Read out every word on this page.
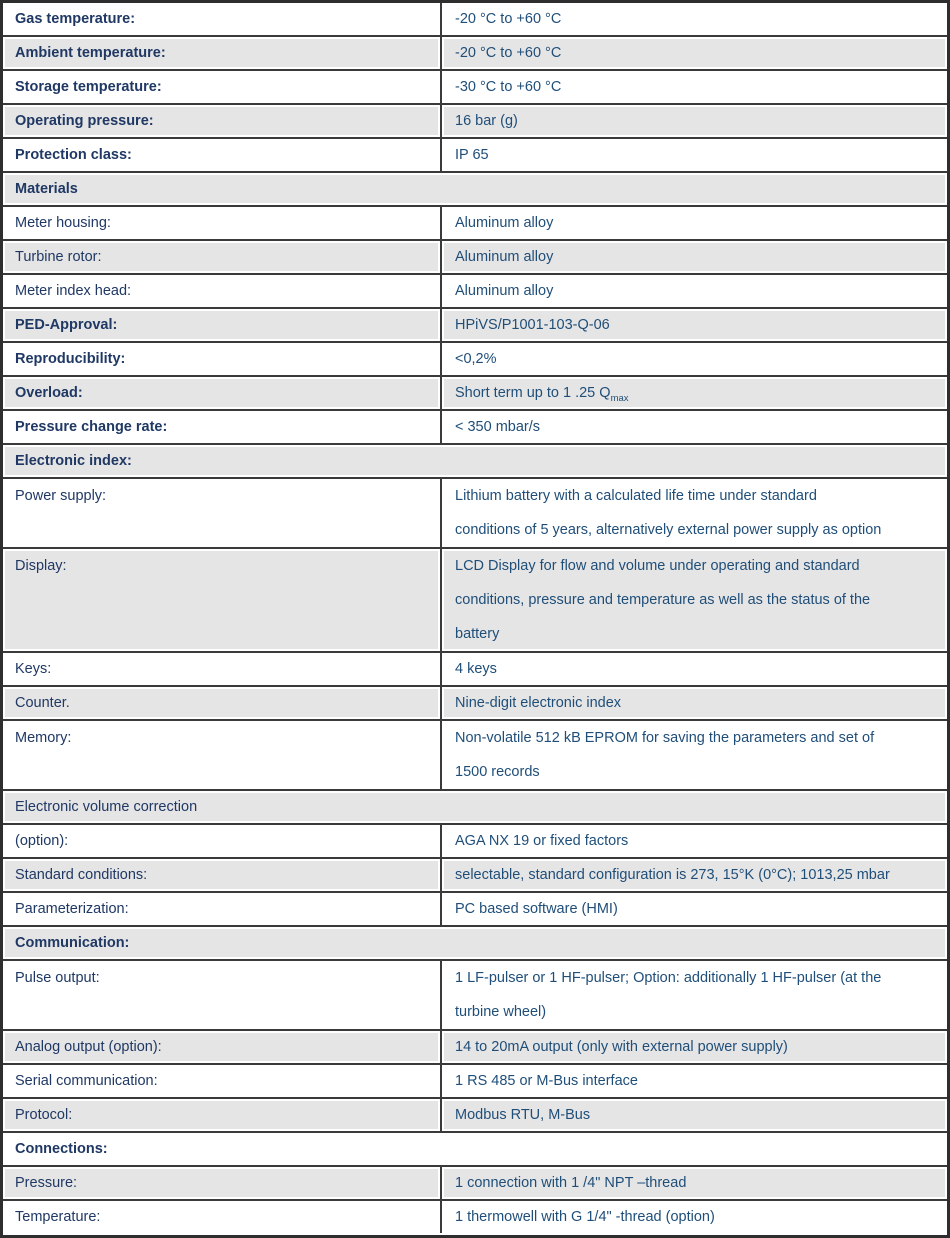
Gas temperature:	-20 °C to +60 °C
Ambient temperature:	-20 °C to +60 °C
Storage temperature:	-30 °C to +60 °C
Operating pressure:	16 bar (g)
Protection class:	IP 65
Materials
Meter housing:	Aluminum alloy
Turbine rotor:	Aluminum alloy
Meter index head:	Aluminum alloy
PED-Approval:	HPiVS/P1001-103-Q-06
Reproducibility:	<0,2%
Overload:	Short term up to 1 .25 $Q_{max}$
Pressure change rate:	< 350 mbar/s
Electronic index:
Power supply:	Lithium battery with a calculated life time under standard
conditions of 5 years, alternatively external power supply as option
Display:	LCD Display for flow and volume under operating and standard
conditions, pressure and temperature as well as the status of the
battery
Keys:	4 keys
Counter.	Nine-digit electronic index
Memory:	Non-volatile 512 kB EPROM for saving the parameters and set of
1500 records
Electronic volume correction
(option):	AGA NX 19 or fixed factors
Standard conditions:	selectable, standard configuration is 273, 15°K (0°C); 1013,25 mbar
Parameterization:	PC based software (HMI)
Communication:
Pulse output:	1 LF-pulser or 1 HF-pulser; Option: additionally 1 HF-pulser (at the
turbine wheel)
Analog output (option):	14 to 20mA output (only with external power supply)
Serial communication:	1 RS 485 or M-Bus interface
Protocol:	Modbus RTU, M-Bus
Connections:
Pressure:	1 connection with 1 /4" NPT –thread
Temperature:	1 thermowell with G 1/4" -thread (option)
